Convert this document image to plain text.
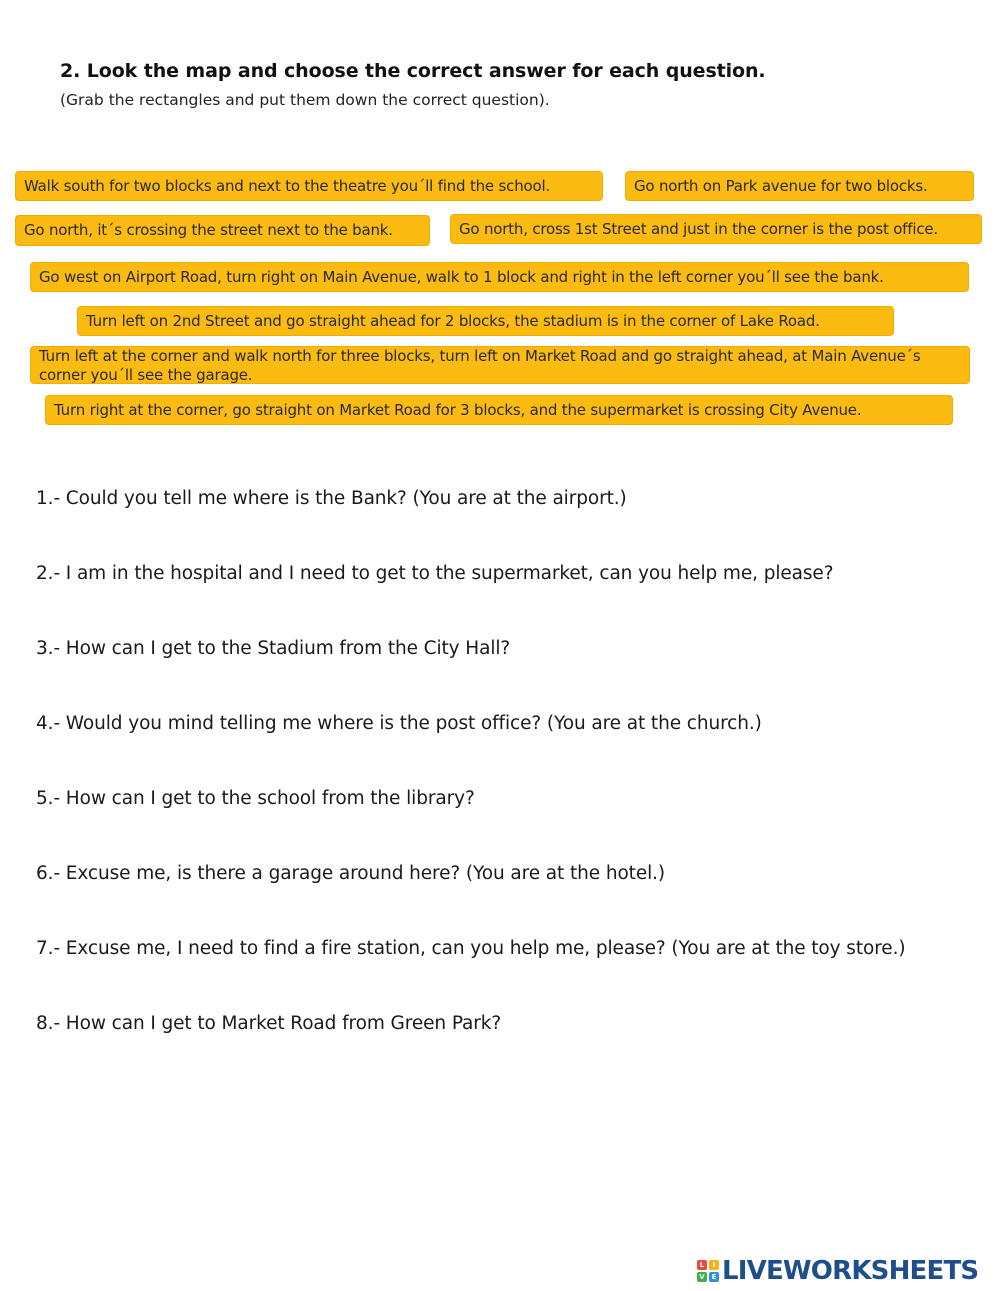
2. Look the map and choose the correct answer for each question.
(Grab the rectangles and put them down the correct question).
Walk south for two blocks and next to the theatre you´ll find the school.	Go north on Park avenue for two blocks.
Go north, it´s crossing the street next to the bank.	Go north, cross 1st Street and just in the corner is the post office.
Go west on Airport Road, turn right on Main Avenue, walk to 1 block and right in the left corner you´ll see the bank.
Turn left on 2nd Street and go straight ahead for 2 blocks, the stadium is in the corner of Lake Road.
Turn left at the corner and walk north for three blocks, turn left on Market Road and go straight ahead, at Main Avenue´s corner you´ll see the garage.
Turn right at the corner, go straight on Market Road for 3 blocks, and the supermarket is crossing City Avenue.
1.- Could you tell me where is the Bank? (You are at the airport.)
2.- I am in the hospital and I need to get to the supermarket, can you help me, please?
3.- How can I get to the Stadium from the City Hall?
4.- Would you mind telling me where is the post office? (You are at the church.)
5.- How can I get to the school from the library?
6.- Excuse me, is there a garage around here? (You are at the hotel.)
7.- Excuse me, I need to find a fire station, can you help me, please? (You are at the toy store.)
8.- How can I get to Market Road from Green Park?
L	I
V E LIVEWORKSHEETS
